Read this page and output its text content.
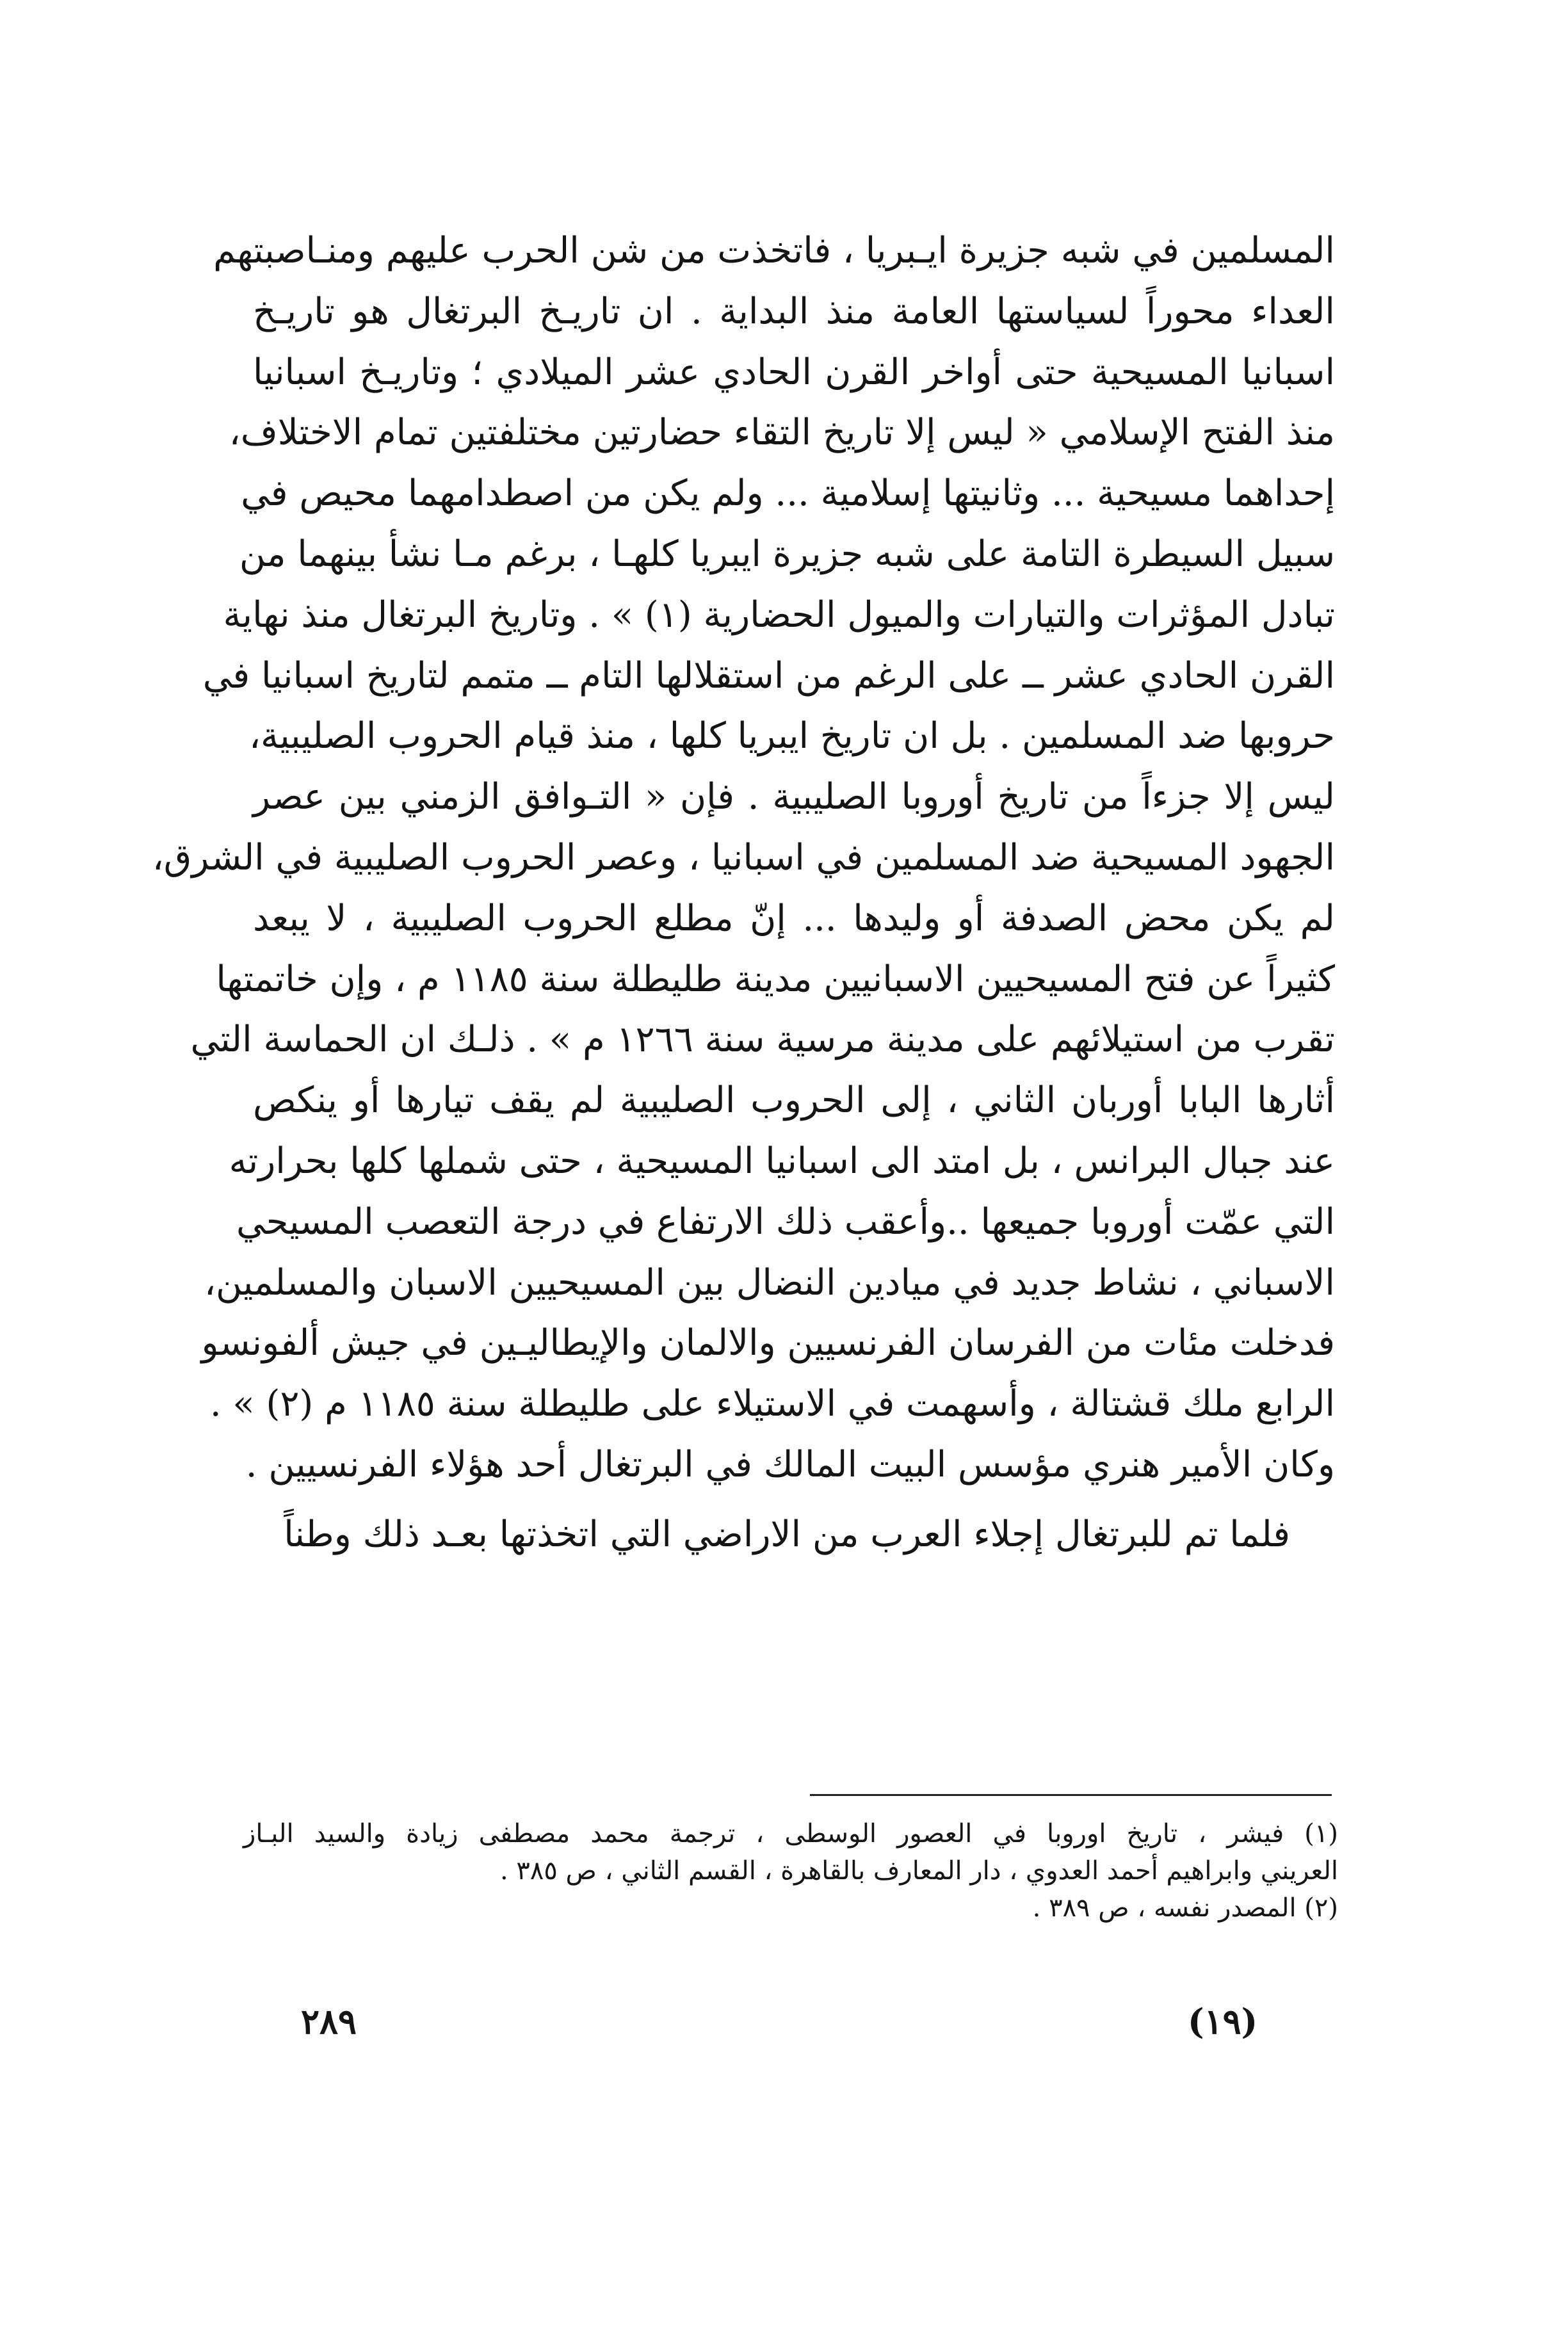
المسلمين في شبه جزيرة ايـبريا ، فاتخذت من شن الحرب عليهم ومنـاصبتهم
العداء محوراً لسياستها العامة منذ البداية . ان تاريـخ البرتغال هو تاريـخ
اسبانيا المسيحية حتى أواخر القرن الحادي عشر الميلادي ؛ وتاريـخ اسبانيا
منذ الفتح الإسلامي « ليس إلا تاريخ التقاء حضارتين مختلفتين تمام الاختلاف،
إحداهما مسيحية ... وثانيتها إسلامية ... ولم يكن من اصطدامهما محيص في
سبيل السيطرة التامة على شبه جزيرة ايبريا كلهـا ، برغم مـا نشأ بينهما من
تبادل المؤثرات والتيارات والميول الحضارية (١) » . وتاريخ البرتغال منذ نهاية
القرن الحادي عشر ــ على الرغم من استقلالها التام ــ متمم لتاريخ اسبانيا في
حروبها ضد المسلمين . بل ان تاريخ ايبريا كلها ، منذ قيام الحروب الصليبية،
ليس إلا جزءاً من تاريخ أوروبا الصليبية . فإن « التـوافق الزمني بين عصر
الجهود المسيحية ضد المسلمين في اسبانيا ، وعصر الحروب الصليبية في الشرق،
لم يكن محض الصدفة أو وليدها ... إنّ مطلع الحروب الصليبية ، لا يبعد
كثيراً عن فتح المسيحيين الاسبانيين مدينة طليطلة سنة ١١٨٥ م ، وإن خاتمتها
تقرب من استيلائهم على مدينة مرسية سنة ١٢٦٦ م » . ذلـك ان الحماسة التي
أثارها البابا أوربان الثاني ، إلى الحروب الصليبية لم يقف تيارها أو ينكص
عند جبال البرانس ، بل امتد الى اسبانيا المسيحية ، حتى شملها كلها بحرارته
التي عمّت أوروبا جميعها ..وأعقب ذلك الارتفاع في درجة التعصب المسيحي
الاسباني ، نشاط جديد في ميادين النضال بين المسيحيين الاسبان والمسلمين،
فدخلت مئات من الفرسان الفرنسيين والالمان والإيطاليـين في جيش ألفونسو
الرابع ملك قشتالة ، وأسهمت في الاستيلاء على طليطلة سنة ١١٨٥ م (٢) » .
وكان الأمير هنري مؤسس البيت المالك في البرتغال أحد هؤلاء الفرنسيين .
فلما تم للبرتغال إجلاء العرب من الاراضي التي اتخذتها بعـد ذلك وطناً
(١) فيشر ، تاريخ اوروبا في العصور الوسطى ، ترجمة محمد مصطفى زيادة والسيد البـاز
العريني وابراهيم أحمد العدوي ، دار المعارف بالقاهرة ، القسم الثاني ، ص ٣٨٥ .
(٢) المصدر نفسه ، ص ٣٨٩ .
٢٨٩	(١٩)
